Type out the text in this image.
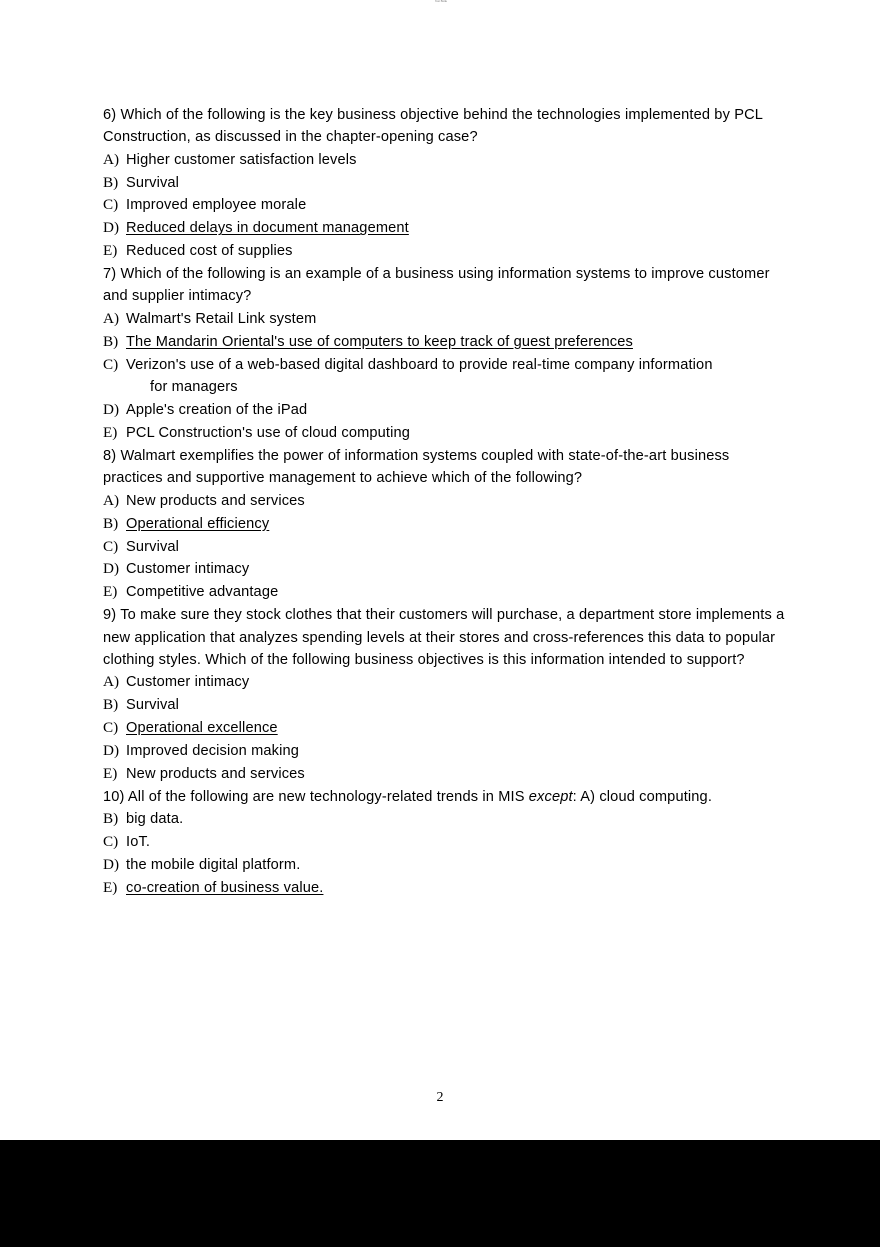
Test Bank
6) Which of the following is the key business objective behind the technologies implemented by PCL Construction, as discussed in the chapter-opening case?
A) Higher customer satisfaction levels
B) Survival
C) Improved employee morale
D) Reduced delays in document management
E) Reduced cost of supplies
7) Which of the following is an example of a business using information systems to improve customer and supplier intimacy?
A) Walmart's Retail Link system
B) The Mandarin Oriental's use of computers to keep track of guest preferences
C) Verizon's use of a web-based digital dashboard to provide real-time company information
for managers
D) Apple's creation of the iPad
E) PCL Construction's use of cloud computing
8) Walmart exemplifies the power of information systems coupled with state-of-the-art business practices and supportive management to achieve which of the following?
A) New products and services
B) Operational efficiency
C) Survival
D) Customer intimacy
E) Competitive advantage
9) To make sure they stock clothes that their customers will purchase, a department store implements a new application that analyzes spending levels at their stores and cross-references this data to popular clothing styles. Which of the following business objectives is this information intended to support?
A) Customer intimacy
B) Survival
C) Operational excellence
D) Improved decision making
E) New products and services
10) All of the following are new technology-related trends in MIS except: A) cloud computing.
B) big data.
C) IoT.
D) the mobile digital platform.
E) co-creation of business value.
2
